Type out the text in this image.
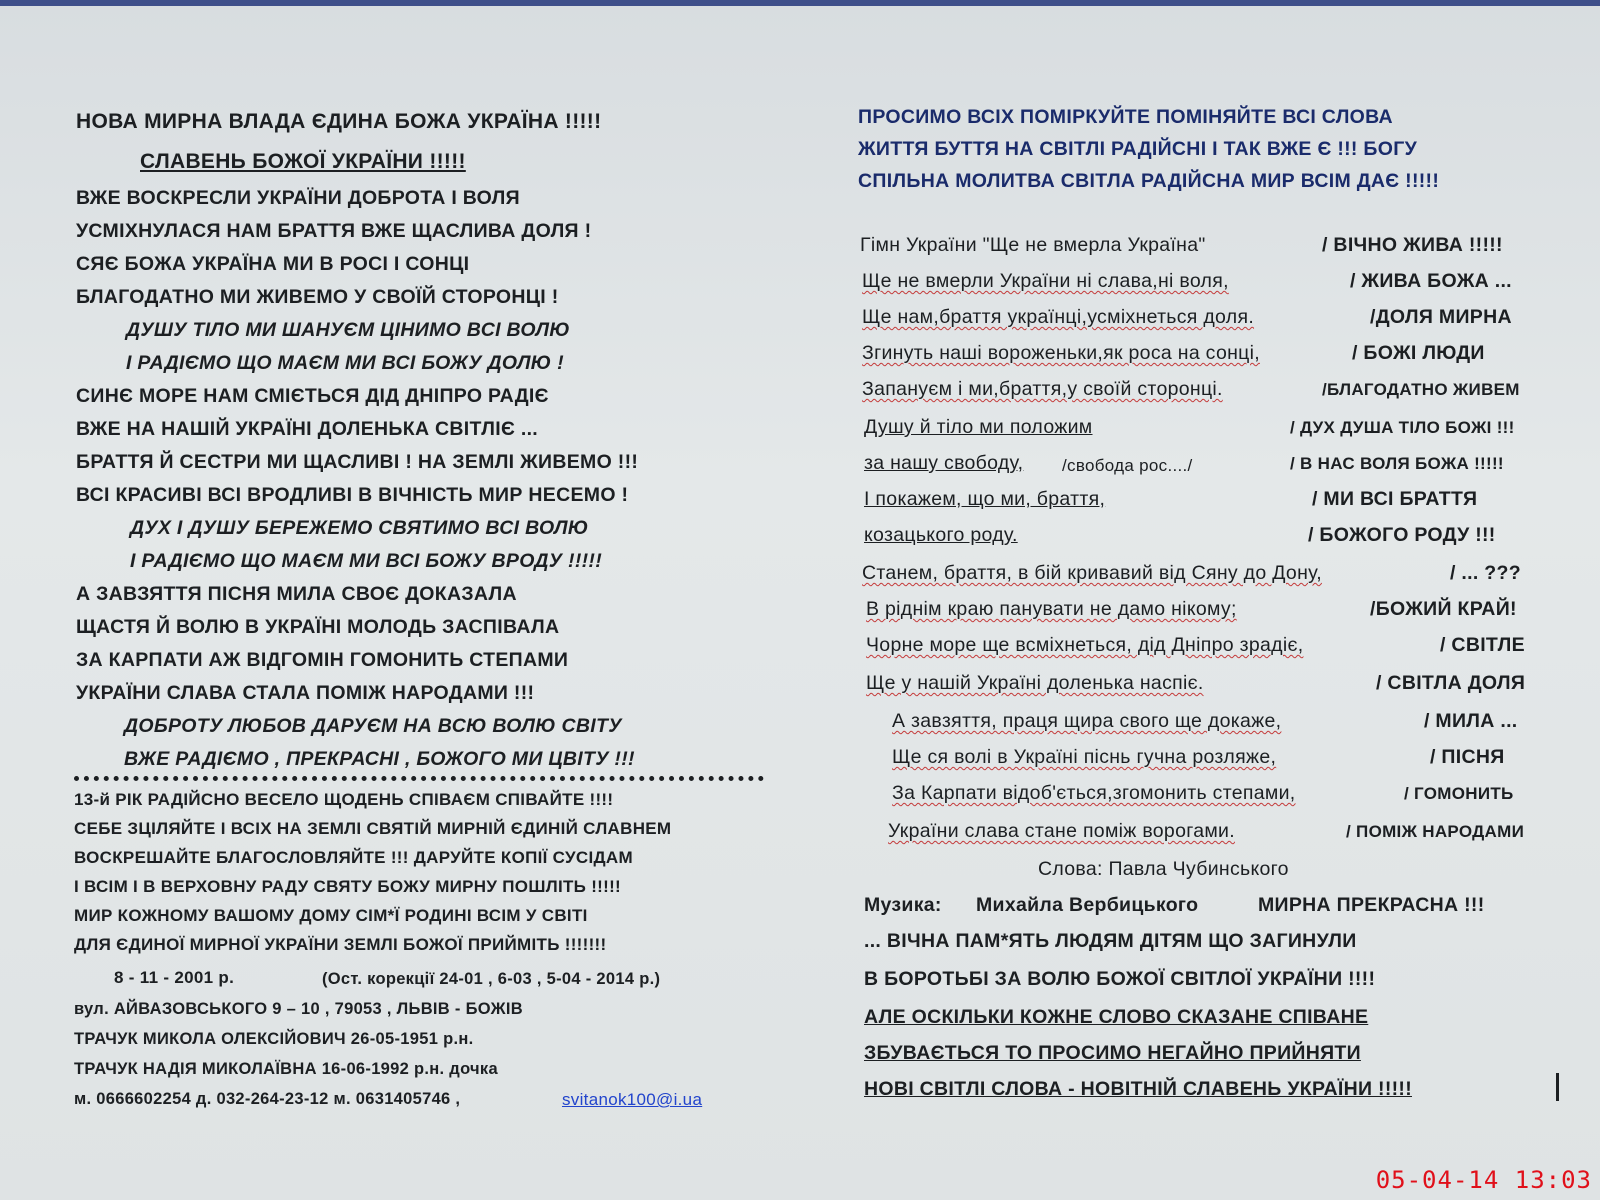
НОВА МИРНА ВЛАДА ЄДИНА БОЖА УКРАЇНА !!!!!
СЛАВЕНЬ БОЖОЇ УКРАЇНИ !!!!!
ВЖЕ ВОСКРЕСЛИ УКРАЇНИ ДОБРОТА І ВОЛЯ
УСМІХНУЛАСЯ НАМ БРАТТЯ ВЖЕ ЩАСЛИВА ДОЛЯ !
СЯЄ БОЖА УКРАЇНА МИ В РОСІ І СОНЦІ
БЛАГОДАТНО МИ ЖИВЕМО У СВОЇЙ СТОРОНЦІ !
ДУШУ ТІЛО МИ ШАНУЄМ ЦІНИМО ВСІ ВОЛЮ
І РАДІЄМО ЩО МАЄМ МИ ВСІ БОЖУ ДОЛЮ !
СИНЄ МОРЕ НАМ СМІЄТЬСЯ ДІД ДНІПРО РАДІЄ
ВЖЕ НА НАШІЙ УКРАЇНІ ДОЛЕНЬКА СВІТЛІЄ ...
БРАТТЯ Й СЕСТРИ МИ ЩАСЛИВІ ! НА ЗЕМЛІ ЖИВЕМО !!!
ВСІ КРАСИВІ ВСІ ВРОДЛИВІ В ВІЧНІСТЬ МИР НЕСЕМО !
ДУХ І ДУШУ БЕРЕЖЕМО СВЯТИМО ВСІ ВОЛЮ
І РАДІЄМО ЩО МАЄМ МИ ВСІ БОЖУ ВРОДУ !!!!!
А ЗАВЗЯТТЯ ПІСНЯ МИЛА СВОЄ ДОКАЗАЛА
ЩАСТЯ Й ВОЛЮ В УКРАЇНІ МОЛОДЬ ЗАСПІВАЛА
ЗА КАРПАТИ АЖ ВІДГОМІН ГОМОНИТЬ СТЕПАМИ
УКРАЇНИ СЛАВА СТАЛА ПОМІЖ НАРОДАМИ !!!
ДОБРОТУ ЛЮБОВ ДАРУЄМ НА ВСЮ ВОЛЮ СВІТУ
ВЖЕ РАДІЄМО , ПРЕКРАСНІ , БОЖОГО МИ ЦВІТУ !!!
13-й РІК РАДІЙСНО ВЕСЕЛО ЩОДЕНЬ СПІВАЄМ СПІВАЙТЕ !!!!
СЕБЕ ЗЦІЛЯЙТЕ І ВСІХ НА ЗЕМЛІ СВЯТІЙ МИРНІЙ ЄДИНІЙ СЛАВНЕМ
ВОСКРЕШАЙТЕ БЛАГОСЛОВЛЯЙТЕ !!! ДАРУЙТЕ КОПІЇ СУСІДАМ
І ВСІМ І В ВЕРХОВНУ РАДУ СВЯТУ БОЖУ МИРНУ ПОШЛІТЬ !!!!!
МИР КОЖНОМУ ВАШОМУ ДОМУ СІМ*Ї РОДИНІ ВСІМ У СВІТІ
ДЛЯ ЄДИНОЇ МИРНОЇ УКРАЇНИ ЗЕМЛІ БОЖОЇ ПРИЙМІТЬ !!!!!!!
8 - 11 - 2001 р.	(Ост. корекції 24-01 , 6-03 , 5-04 - 2014 р.)
вул. АЙВАЗОВСЬКОГО 9 – 10 , 79053 , ЛЬВІВ - БОЖІВ
ТРАЧУК МИКОЛА ОЛЕКСІЙОВИЧ 26-05-1951 р.н.
ТРАЧУК НАДІЯ МИКОЛАЇВНА 16-06-1992 р.н. дочка
м. 0666602254 д. 032-264-23-12 м. 0631405746 ,	svitanok100@i.ua
ПРОСИМО ВСІХ ПОМІРКУЙТЕ ПОМІНЯЙТЕ ВСІ СЛОВА
ЖИТТЯ БУТТЯ НА СВІТЛІ РАДІЙСНІ І ТАК ВЖЕ Є !!! БОГУ
СПІЛЬНА МОЛИТВА СВІТЛА РАДІЙСНА МИР ВСІМ ДАЄ !!!!!
Гімн України "Ще не вмерла Україна"	/ ВІЧНО ЖИВА !!!!!
Ще не вмерли України ні слава,ні воля,	/ ЖИВА БОЖА ...
Ще нам,браття українці,усміхнеться доля.	/ДОЛЯ МИРНА
Згинуть наші вороженьки,як роса на сонці,	/ БОЖІ ЛЮДИ
Запануєм і ми,браття,у своїй сторонці.	/БЛАГОДАТНО ЖИВЕМ
Душу й тіло ми положим	/ ДУХ ДУША ТІЛО БОЖІ !!!
за нашу свободу, /свобода рос..../	/ В НАС ВОЛЯ БОЖА !!!!!
І покажем, що ми, браття,	/ МИ ВСІ БРАТТЯ
козацького роду.	/ БОЖОГО РОДУ !!!
Станем, браття, в бій кривавий від Сяну до Дону,	/ ... ???
В ріднім краю панувати не дамо нікому;	/БОЖИЙ КРАЙ!
Чорне море ще всміхнеться, дід Дніпро зрадіє,	/ СВІТЛЕ
Ще у нашій Україні доленька наспіє.	/ СВІТЛА ДОЛЯ
А завзяття, праця щира свого ще докаже,	/ МИЛА ...
Ще ся волі в Україні піснь гучна розляже,	/ ПІСНЯ
За Карпати відоб'ється,згомонить степами,	/ ГОМОНИТЬ
України слава стане поміж ворогами.	/ ПОМІЖ НАРОДАМИ
Слова: Павла Чубинського
Музика: Михайла Вербицького	МИРНА ПРЕКРАСНА !!!
... ВІЧНА ПАМ*ЯТЬ ЛЮДЯМ ДІТЯМ ЩО ЗАГИНУЛИ
В БОРОТЬБІ ЗА ВОЛЮ БОЖОЇ СВІТЛОЇ УКРАЇНИ !!!!
АЛЕ ОСКІЛЬКИ КОЖНЕ СЛОВО СКАЗАНЕ СПІВАНЕ
ЗБУВАЄТЬСЯ ТО ПРОСИМО НЕГАЙНО ПРИЙНЯТИ
НОВІ СВІТЛІ СЛОВА - НОВІТНІЙ СЛАВЕНЬ УКРАЇНИ !!!!!
05-04-14 13:03
